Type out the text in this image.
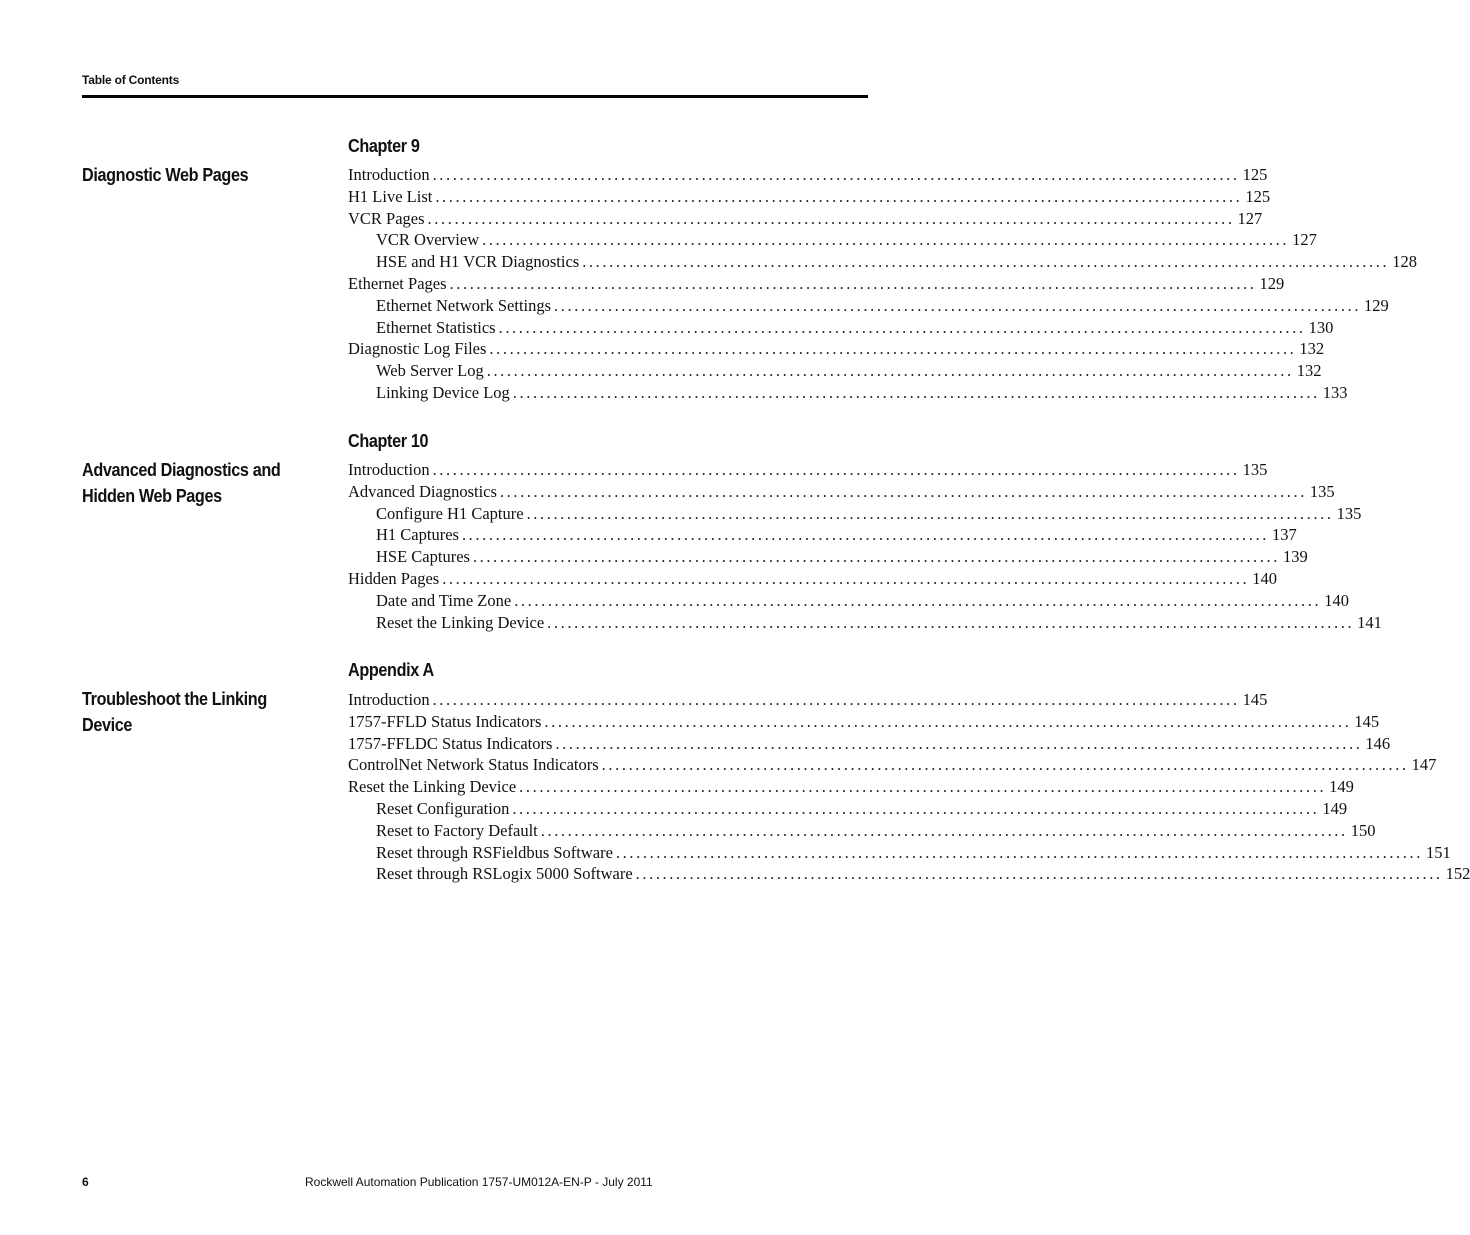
Table of Contents
Chapter 9
Diagnostic Web Pages	Introduction ........................................................................................................................ 125
H1 Live List ........................................................................................................................ 125
VCR Pages ........................................................................................................................ 127
VCR Overview ........................................................................................................................ 127
HSE and H1 VCR Diagnostics ........................................................................................................................ 128
Ethernet Pages ........................................................................................................................ 129
Ethernet Network Settings ........................................................................................................................ 129
Ethernet Statistics ........................................................................................................................ 130
Diagnostic Log Files ........................................................................................................................ 132
Web Server Log ........................................................................................................................ 132
Linking Device Log ........................................................................................................................ 133
Chapter 10
Advanced Diagnostics and
Hidden Web Pages
Introduction ........................................................................................................................ 135
Advanced Diagnostics ........................................................................................................................ 135
Configure H1 Capture ........................................................................................................................ 135
H1 Captures ........................................................................................................................ 137
HSE Captures ........................................................................................................................ 139
Hidden Pages ........................................................................................................................ 140
Date and Time Zone ........................................................................................................................ 140
Reset the Linking Device ........................................................................................................................ 141
Appendix A
Troubleshoot the Linking
Device
Introduction ........................................................................................................................ 145
1757-FFLD Status Indicators ........................................................................................................................ 145
1757-FFLDC Status Indicators ........................................................................................................................ 146
ControlNet Network Status Indicators ........................................................................................................................ 147
Reset the Linking Device ........................................................................................................................ 149
Reset Configuration ........................................................................................................................ 149
Reset to Factory Default ........................................................................................................................ 150
Reset through RSFieldbus Software ........................................................................................................................ 151
Reset through RSLogix 5000 Software ........................................................................................................................ 152
6	Rockwell Automation Publication 1757-UM012A-EN-P - July 2011
